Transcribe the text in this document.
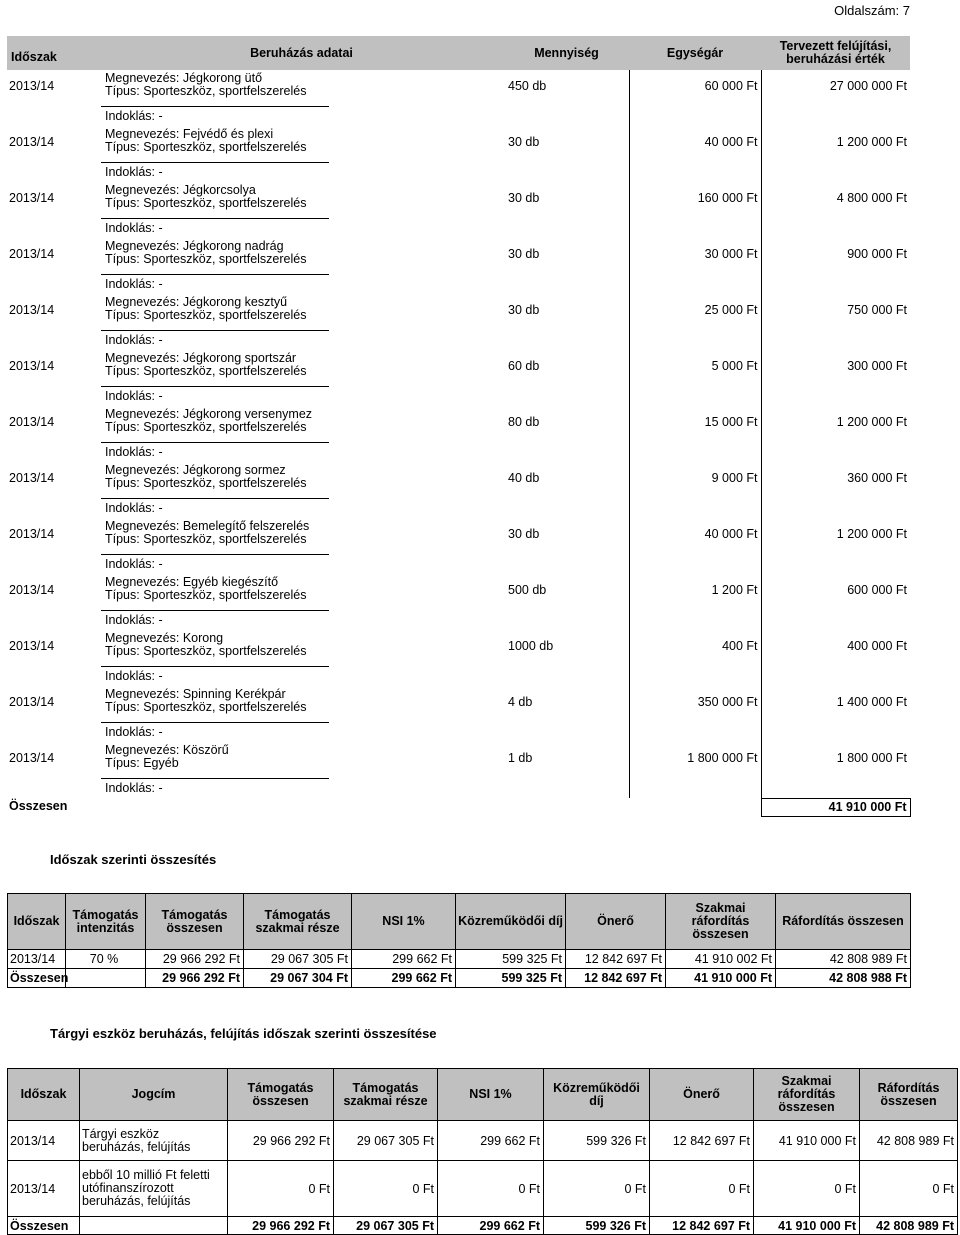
Oldalszám: 7
Időszak	Beruházás adatai	Mennyiség	Egységár	Tervezett felújítási, beruházási érték
2013/14	Megnevezés: Jégkorong ütő
Típus: Sporteszköz, sportfelszerelés
Indoklás: -	450 db	60 000 Ft	27 000 000 Ft
2013/14	Megnevezés: Fejvédő és plexi
Típus: Sporteszköz, sportfelszerelés
Indoklás: -	30 db	40 000 Ft	1 200 000 Ft
2013/14	Megnevezés: Jégkorcsolya
Típus: Sporteszköz, sportfelszerelés
Indoklás: -	30 db	160 000 Ft	4 800 000 Ft
2013/14	Megnevezés: Jégkorong nadrág
Típus: Sporteszköz, sportfelszerelés
Indoklás: -	30 db	30 000 Ft	900 000 Ft
2013/14	Megnevezés: Jégkorong kesztyű
Típus: Sporteszköz, sportfelszerelés
Indoklás: -	30 db	25 000 Ft	750 000 Ft
2013/14	Megnevezés: Jégkorong sportszár
Típus: Sporteszköz, sportfelszerelés
Indoklás: -	60 db	5 000 Ft	300 000 Ft
2013/14	Megnevezés: Jégkorong versenymez
Típus: Sporteszköz, sportfelszerelés
Indoklás: -	80 db	15 000 Ft	1 200 000 Ft
2013/14	Megnevezés: Jégkorong sormez
Típus: Sporteszköz, sportfelszerelés
Indoklás: -	40 db	9 000 Ft	360 000 Ft
2013/14	Megnevezés: Bemelegítő felszerelés
Típus: Sporteszköz, sportfelszerelés
Indoklás: -	30 db	40 000 Ft	1 200 000 Ft
2013/14	Megnevezés: Egyéb kiegészítő
Típus: Sporteszköz, sportfelszerelés
Indoklás: -	500 db	1 200 Ft	600 000 Ft
2013/14	Megnevezés: Korong
Típus: Sporteszköz, sportfelszerelés
Indoklás: -	1000 db	400 Ft	400 000 Ft
2013/14	Megnevezés: Spinning Kerékpár
Típus: Sporteszköz, sportfelszerelés
Indoklás: -	4 db	350 000 Ft	1 400 000 Ft
2013/14	Megnevezés: Köszörű
Típus: Egyéb
Indoklás: -	1 db	1 800 000 Ft	1 800 000 Ft
Összesen				41 910 000 Ft
Időszak szerinti összesítés
Időszak	Támogatás intenzitás	Támogatás összesen	Támogatás szakmai része	NSI 1%	Közreműködői díj	Önerő	Szakmai ráfordítás összesen	Ráfordítás összesen
2013/14	70 %	29 966 292 Ft	29 067 305 Ft	299 662 Ft	599 325 Ft	12 842 697 Ft	41 910 002 Ft	42 808 989 Ft
Összesen		29 966 292 Ft	29 067 304 Ft	299 662 Ft	599 325 Ft	12 842 697 Ft	41 910 000 Ft	42 808 988 Ft
Tárgyi eszköz beruházás, felújítás időszak szerinti összesítése
Időszak	Jogcím	Támogatás összesen	Támogatás szakmai része	NSI 1%	Közreműködői díj	Önerő	Szakmai ráfordítás összesen	Ráfordítás összesen
2013/14	Tárgyi eszköz beruházás, felújítás	29 966 292 Ft	29 067 305 Ft	299 662 Ft	599 326 Ft	12 842 697 Ft	41 910 000 Ft	42 808 989 Ft
2013/14	ebből 10 millió Ft feletti utófinanszírozott beruházás, felújítás	0 Ft	0 Ft	0 Ft	0 Ft	0 Ft	0 Ft	0 Ft
Összesen		29 966 292 Ft	29 067 305 Ft	299 662 Ft	599 326 Ft	12 842 697 Ft	41 910 000 Ft	42 808 989 Ft
